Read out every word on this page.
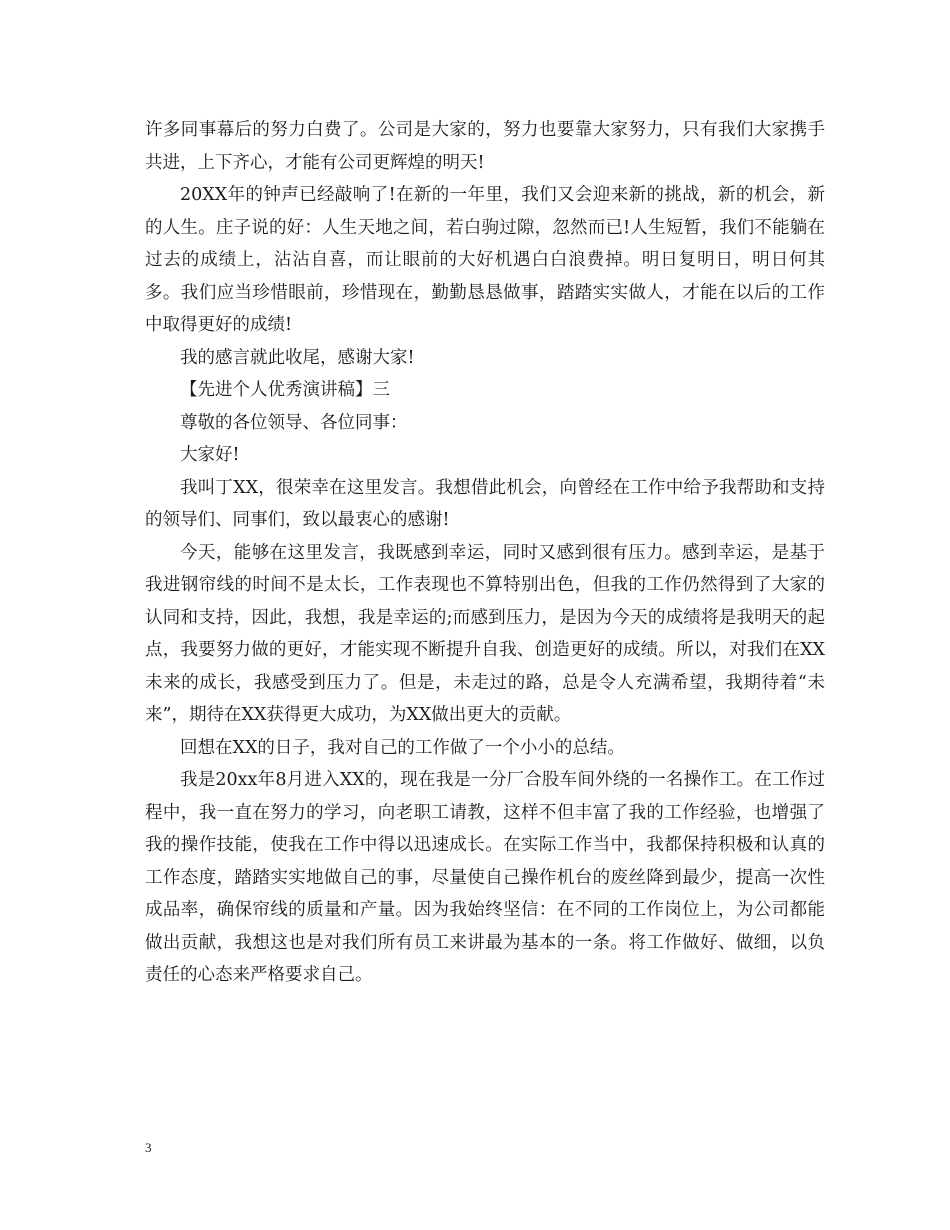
许多同事幕后的努力白费了。公司是大家的，努力也要靠大家努力，只有我们大家携手共进，上下齐心，才能有公司更辉煌的明天!

20XX年的钟声已经敲响了!在新的一年里，我们又会迎来新的挑战，新的机会，新的人生。庄子说的好：人生天地之间，若白驹过隙，忽然而已!人生短暂，我们不能躺在过去的成绩上，沾沾自喜，而让眼前的大好机遇白白浪费掉。明日复明日，明日何其多。我们应当珍惜眼前，珍惜现在，勤勤恳恳做事，踏踏实实做人，才能在以后的工作中取得更好的成绩!

我的感言就此收尾，感谢大家!

【先进个人优秀演讲稿】三

尊敬的各位领导、各位同事：

大家好!

我叫丁XX，很荣幸在这里发言。我想借此机会，向曾经在工作中给予我帮助和支持的领导们、同事们，致以最衷心的感谢!

今天，能够在这里发言，我既感到幸运，同时又感到很有压力。感到幸运，是基于我进钢帘线的时间不是太长，工作表现也不算特别出色，但我的工作仍然得到了大家的认同和支持，因此，我想，我是幸运的;而感到压力，是因为今天的成绩将是我明天的起点，我要努力做的更好，才能实现不断提升自我、创造更好的成绩。所以，对我们在XX未来的成长，我感受到压力了。但是，未走过的路，总是令人充满希望，我期待着“未来”，期待在XX获得更大成功，为XX做出更大的贡献。

回想在XX的日子，我对自己的工作做了一个小小的总结。

我是20xx年8月进入XX的，现在我是一分厂合股车间外绕的一名操作工。在工作过程中，我一直在努力的学习，向老职工请教，这样不但丰富了我的工作经验，也增强了我的操作技能，使我在工作中得以迅速成长。在实际工作当中，我都保持积极和认真的工作态度，踏踏实实地做自己的事，尽量使自己操作机台的废丝降到最少，提高一次性成品率，确保帘线的质量和产量。因为我始终坚信：在不同的工作岗位上，为公司都能做出贡献，我想这也是对我们所有员工来讲最为基本的一条。将工作做好、做细，以负责任的心态来严格要求自己。

3
